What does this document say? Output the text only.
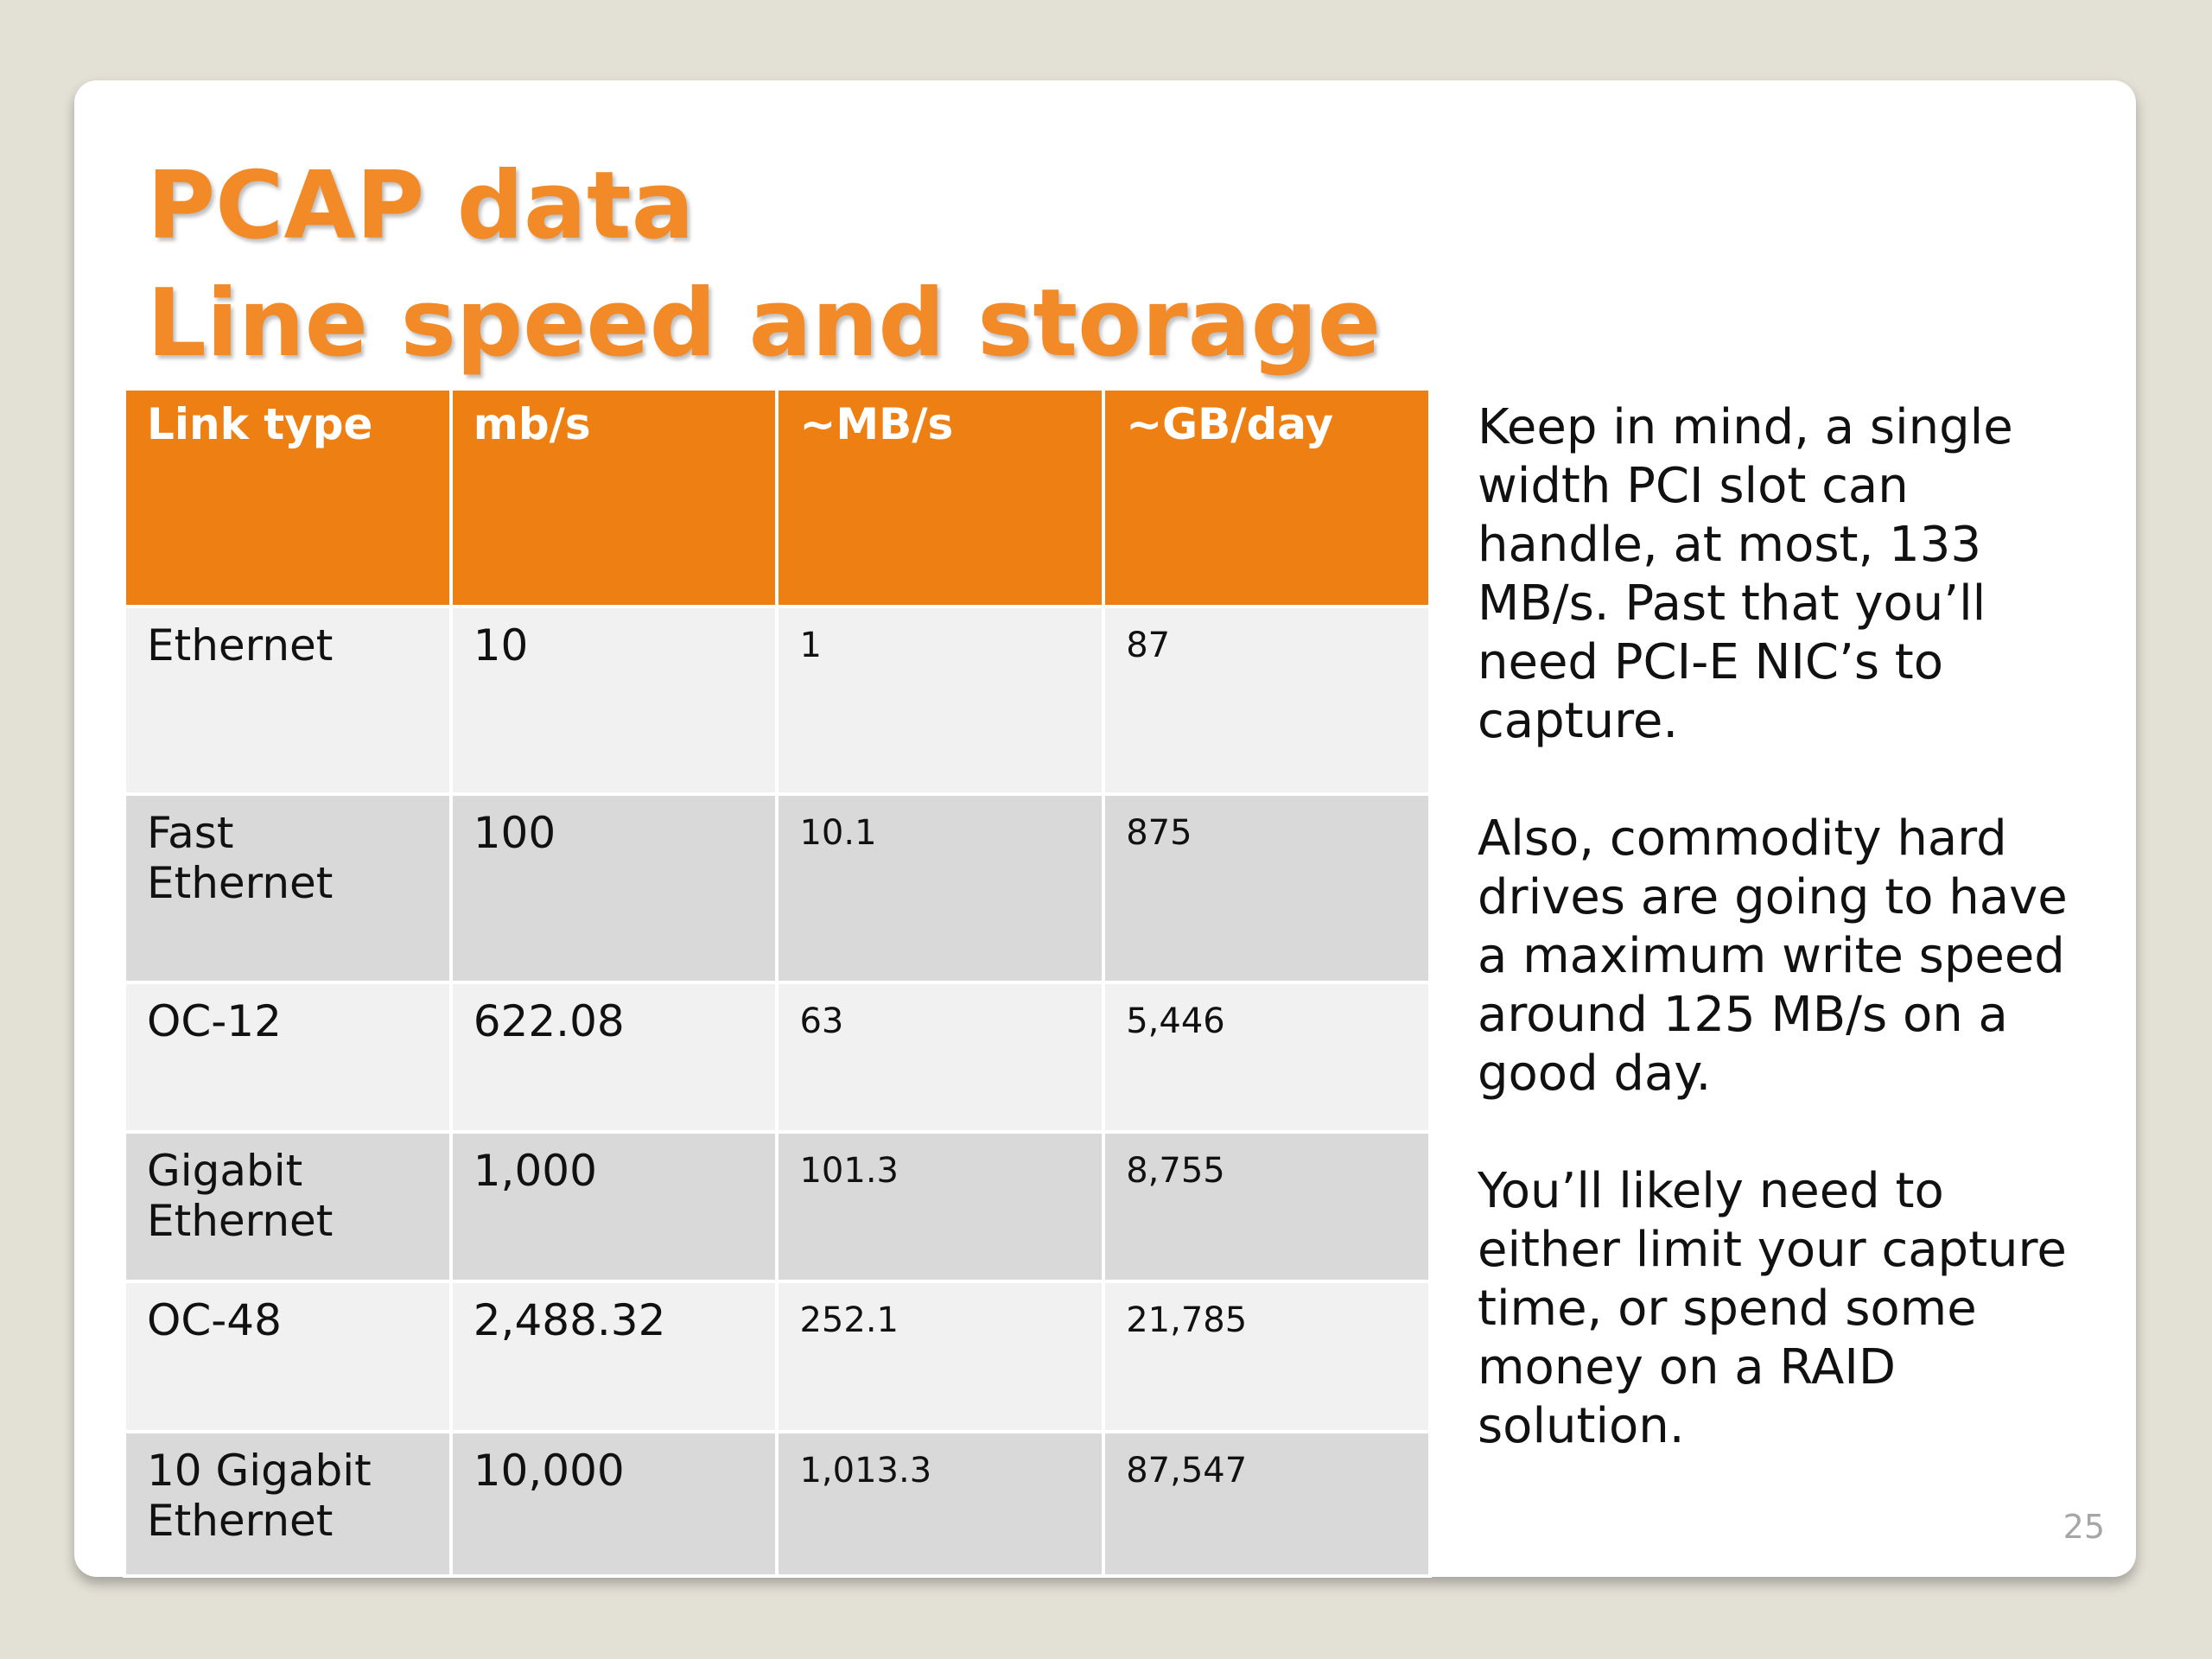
PCAP data
Line speed and storage
Link type	mb/s	~MB/s	~GB/day
Ethernet	10	1	87
Fast Ethernet	100	10.1	875
OC-12	622.08	63	5,446
Gigabit Ethernet	1,000	101.3	8,755
OC-48	2,488.32	252.1	21,785
10 Gigabit Ethernet	10,000	1,013.3	87,547

Keep in mind, a single width PCI slot can handle, at most, 133 MB/s. Past that you’ll need PCI-E NIC’s to capture.

Also, commodity hard drives are going to have a maximum write speed around 125 MB/s on a good day.

You’ll likely need to either limit your capture time, or spend some money on a RAID solution.

25
